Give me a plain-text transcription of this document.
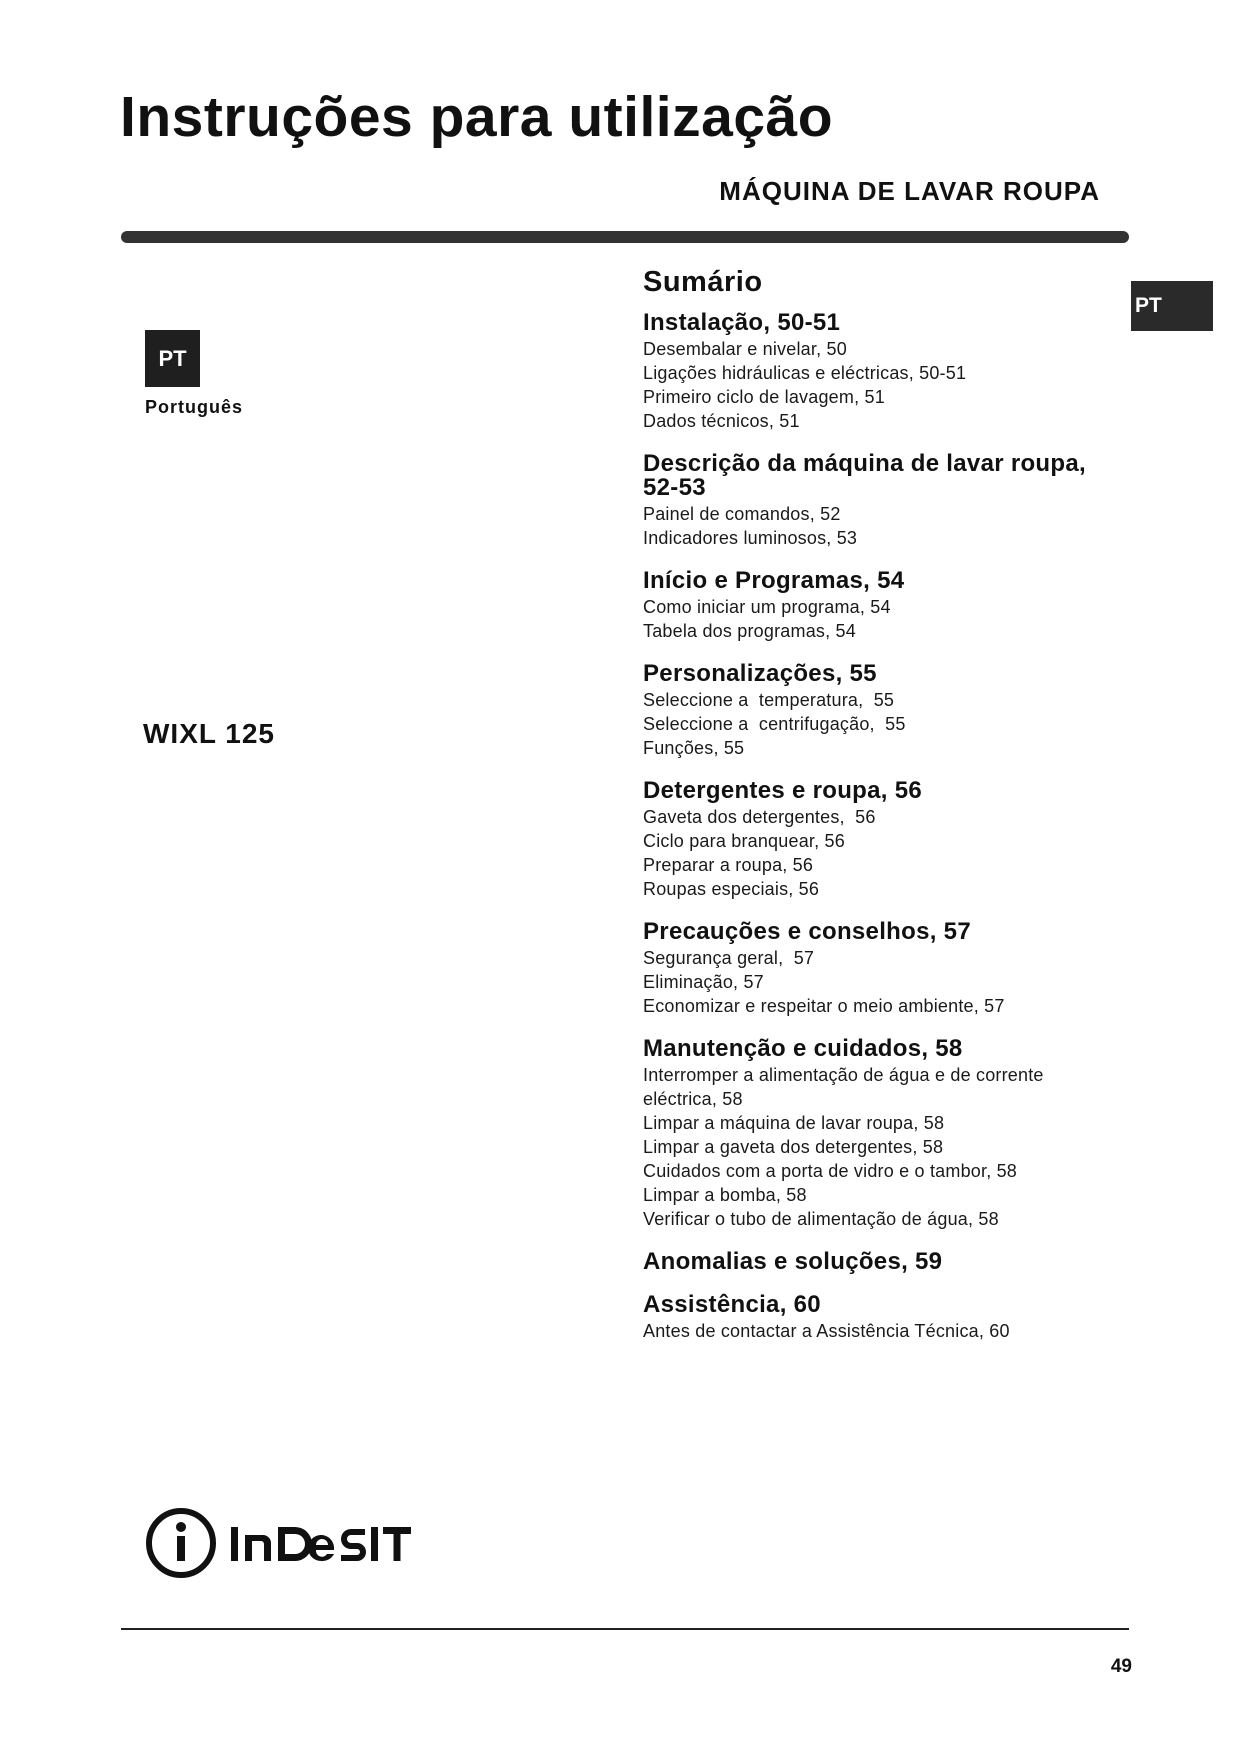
Instruções para utilização
MÁQUINA DE LAVAR ROUPA
PT
Português
WIXL 125
PT
Sumário
Instalação, 50-51
Desembalar e nivelar, 50
Ligações hidráulicas e eléctricas, 50-51
Primeiro ciclo de lavagem, 51
Dados técnicos, 51
Descrição da máquina de lavar roupa, 52-53
Painel de comandos, 52
Indicadores luminosos, 53
Início e Programas, 54
Como iniciar um programa, 54
Tabela dos programas, 54
Personalizações, 55
Seleccione a  temperatura,  55
Seleccione a  centrifugação,  55
Funções, 55
Detergentes e roupa, 56
Gaveta dos detergentes,  56
Ciclo para branquear, 56
Preparar a roupa, 56
Roupas especiais, 56
Precauções e conselhos, 57
Segurança geral,  57
Eliminação, 57
Economizar e respeitar o meio ambiente, 57
Manutenção e cuidados, 58
Interromper a alimentação de água e de corrente eléctrica, 58
Limpar a máquina de lavar roupa, 58
Limpar a gaveta dos detergentes, 58
Cuidados com a porta de vidro e o tambor, 58
Limpar a bomba, 58
Verificar o tubo de alimentação de água, 58
Anomalias e soluções, 59
Assistência, 60
Antes de contactar a Assistência Técnica, 60
49
